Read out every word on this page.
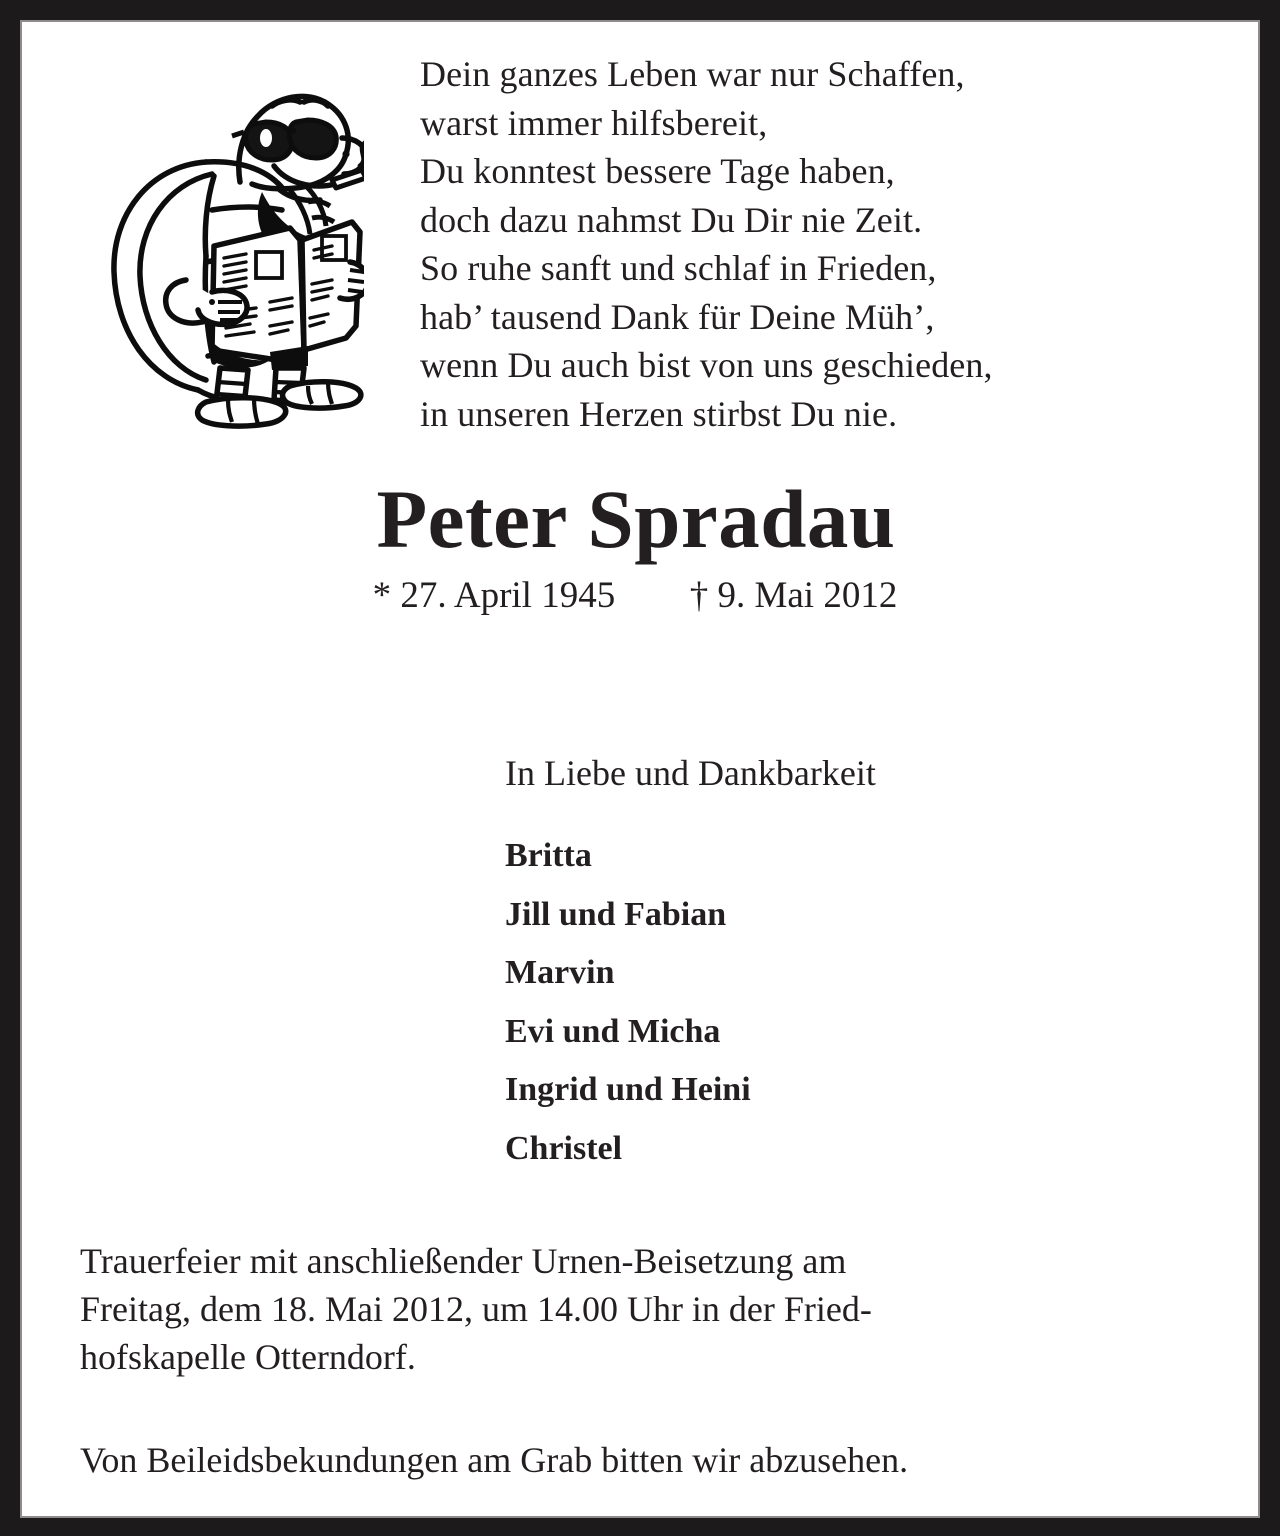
Dein ganzes Leben war nur Schaffen,
warst immer hilfsbereit,
Du konntest bessere Tage haben,
doch dazu nahmst Du Dir nie Zeit.
So ruhe sanft und schlaf in Frieden,
hab’ tausend Dank für Deine Müh’,
wenn Du auch bist von uns geschieden,
in unseren Herzen stirbst Du nie.
Peter Spradau
* 27. April 1945 † 9. Mai 2012
In Liebe und Dankbarkeit
Britta
Jill und Fabian
Marvin
Evi und Micha
Ingrid und Heini
Christel
Trauerfeier mit anschließender Urnen-Beisetzung am
Freitag, dem 18. Mai 2012, um 14.00 Uhr in der Fried-
hofskapelle Otterndorf.
Von Beileidsbekundungen am Grab bitten wir abzusehen.
